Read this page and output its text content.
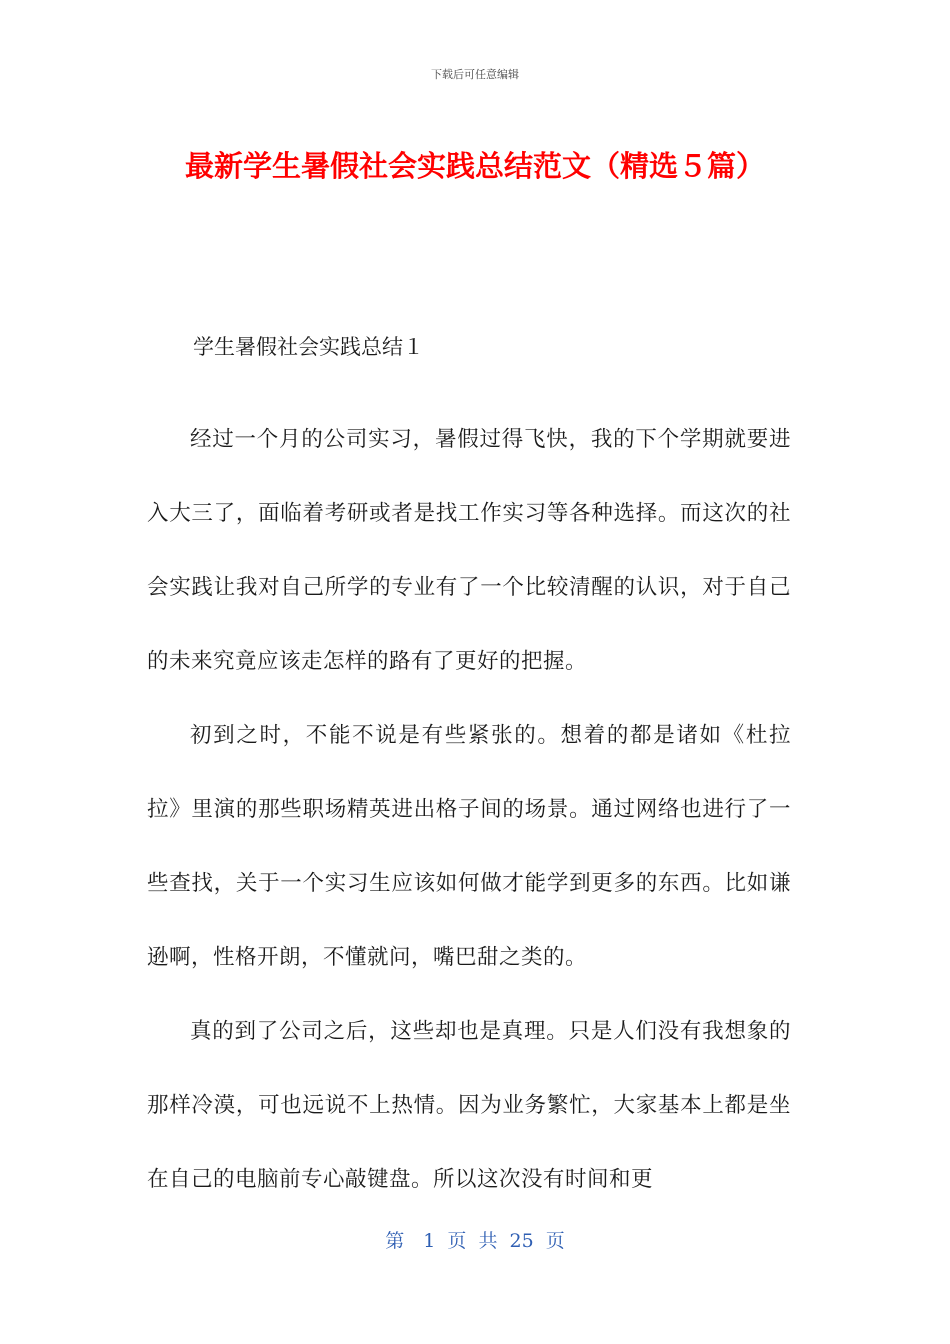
下载后可任意编辑
最新学生暑假社会实践总结范文（精选５篇）

学生暑假社会实践总结１

经过一个月的公司实习，暑假过得飞快，我的下个学期就要进入大三了，面临着考研或者是找工作实习等各种选择。而这次的社会实践让我对自己所学的专业有了一个比较清醒的认识，对于自己的未来究竟应该走怎样的路有了更好的把握。

初到之时，不能不说是有些紧张的。想着的都是诸如《杜拉拉》里演的那些职场精英进出格子间的场景。通过网络也进行了一些查找，关于一个实习生应该如何做才能学到更多的东西。比如谦逊啊，性格开朗，不懂就问，嘴巴甜之类的。

真的到了公司之后，这些却也是真理。只是人们没有我想象的那样冷漠，可也远说不上热情。因为业务繁忙，大家基本上都是坐在自己的电脑前专心敲键盘。所以这次没有时间和更

第　1 页 共 25 页
